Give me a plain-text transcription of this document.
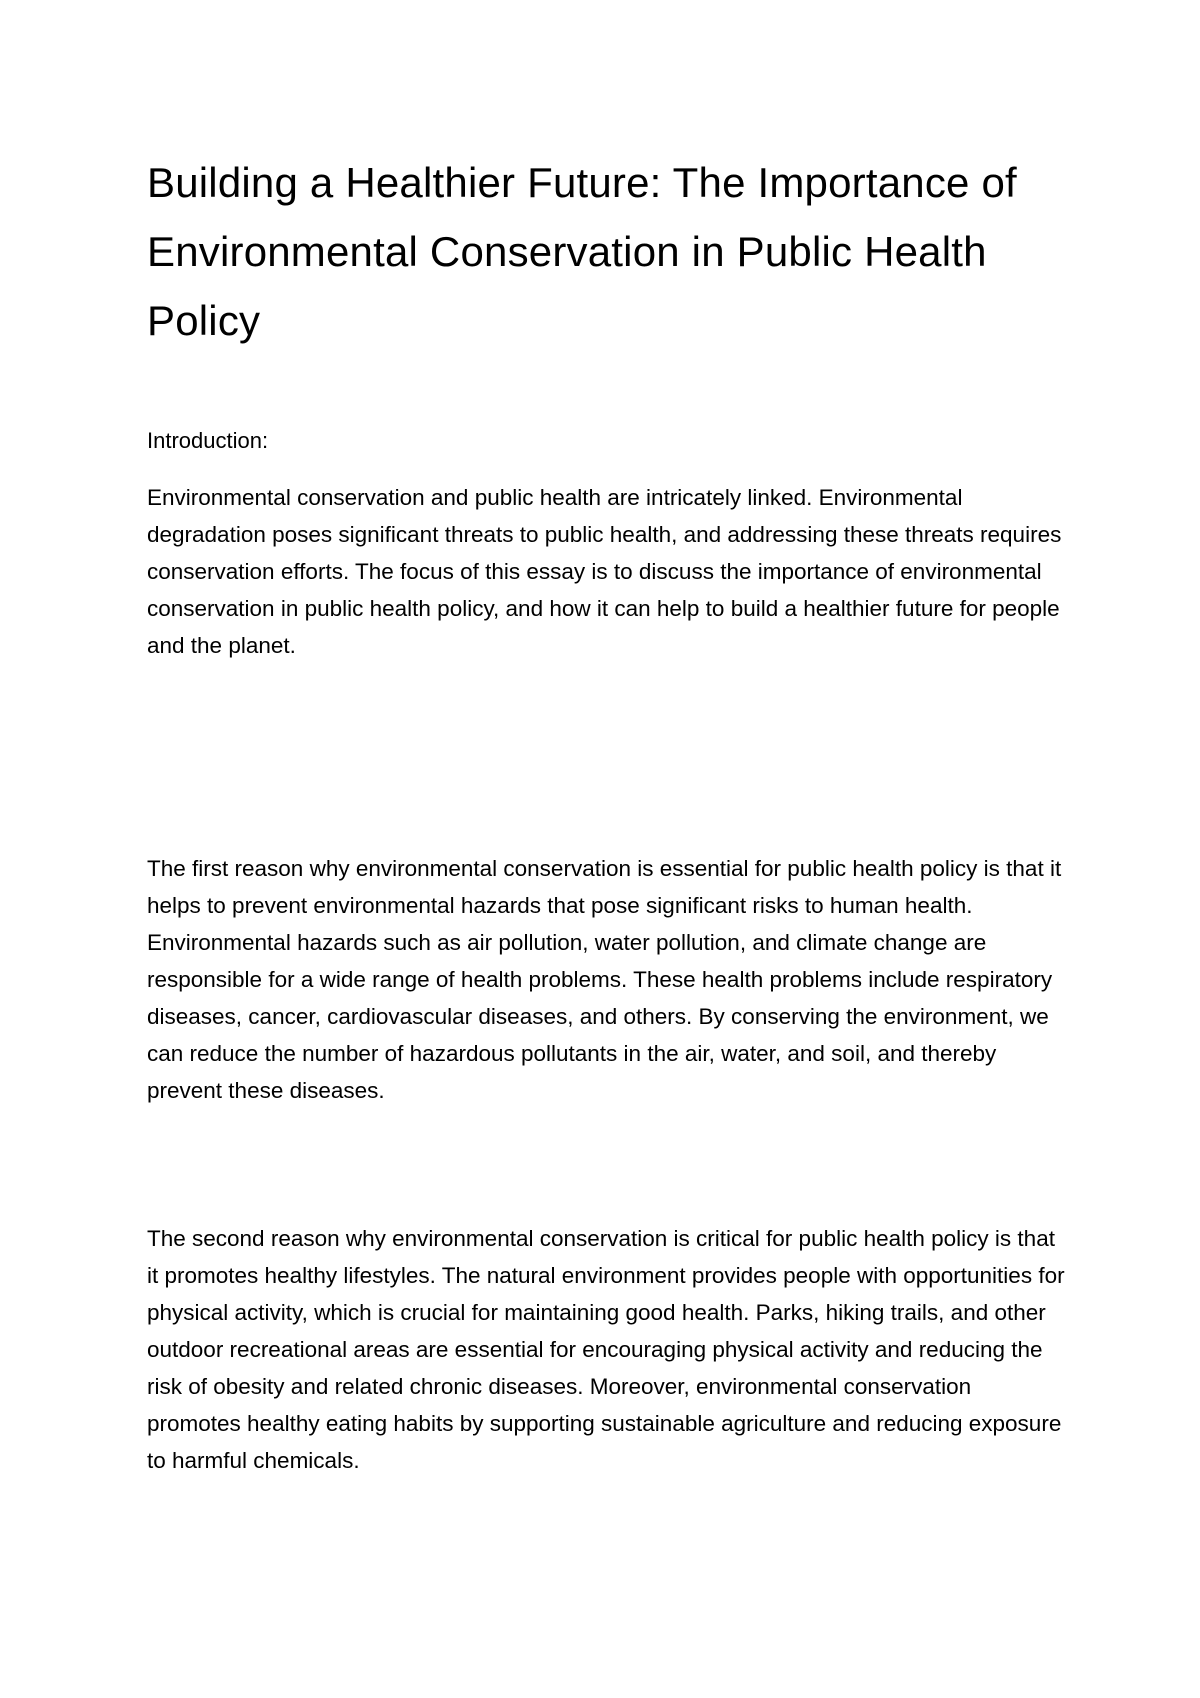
Building a Healthier Future: The Importance of Environmental Conservation in Public Health Policy

Introduction:

Environmental conservation and public health are intricately linked. Environmental degradation poses significant threats to public health, and addressing these threats requires conservation efforts. The focus of this essay is to discuss the importance of environmental conservation in public health policy, and how it can help to build a healthier future for people and the planet.

The first reason why environmental conservation is essential for public health policy is that it helps to prevent environmental hazards that pose significant risks to human health. Environmental hazards such as air pollution, water pollution, and climate change are responsible for a wide range of health problems. These health problems include respiratory diseases, cancer, cardiovascular diseases, and others. By conserving the environment, we can reduce the number of hazardous pollutants in the air, water, and soil, and thereby prevent these diseases.

The second reason why environmental conservation is critical for public health policy is that it promotes healthy lifestyles. The natural environment provides people with opportunities for physical activity, which is crucial for maintaining good health. Parks, hiking trails, and other outdoor recreational areas are essential for encouraging physical activity and reducing the risk of obesity and related chronic diseases. Moreover, environmental conservation promotes healthy eating habits by supporting sustainable agriculture and reducing exposure to harmful chemicals.
